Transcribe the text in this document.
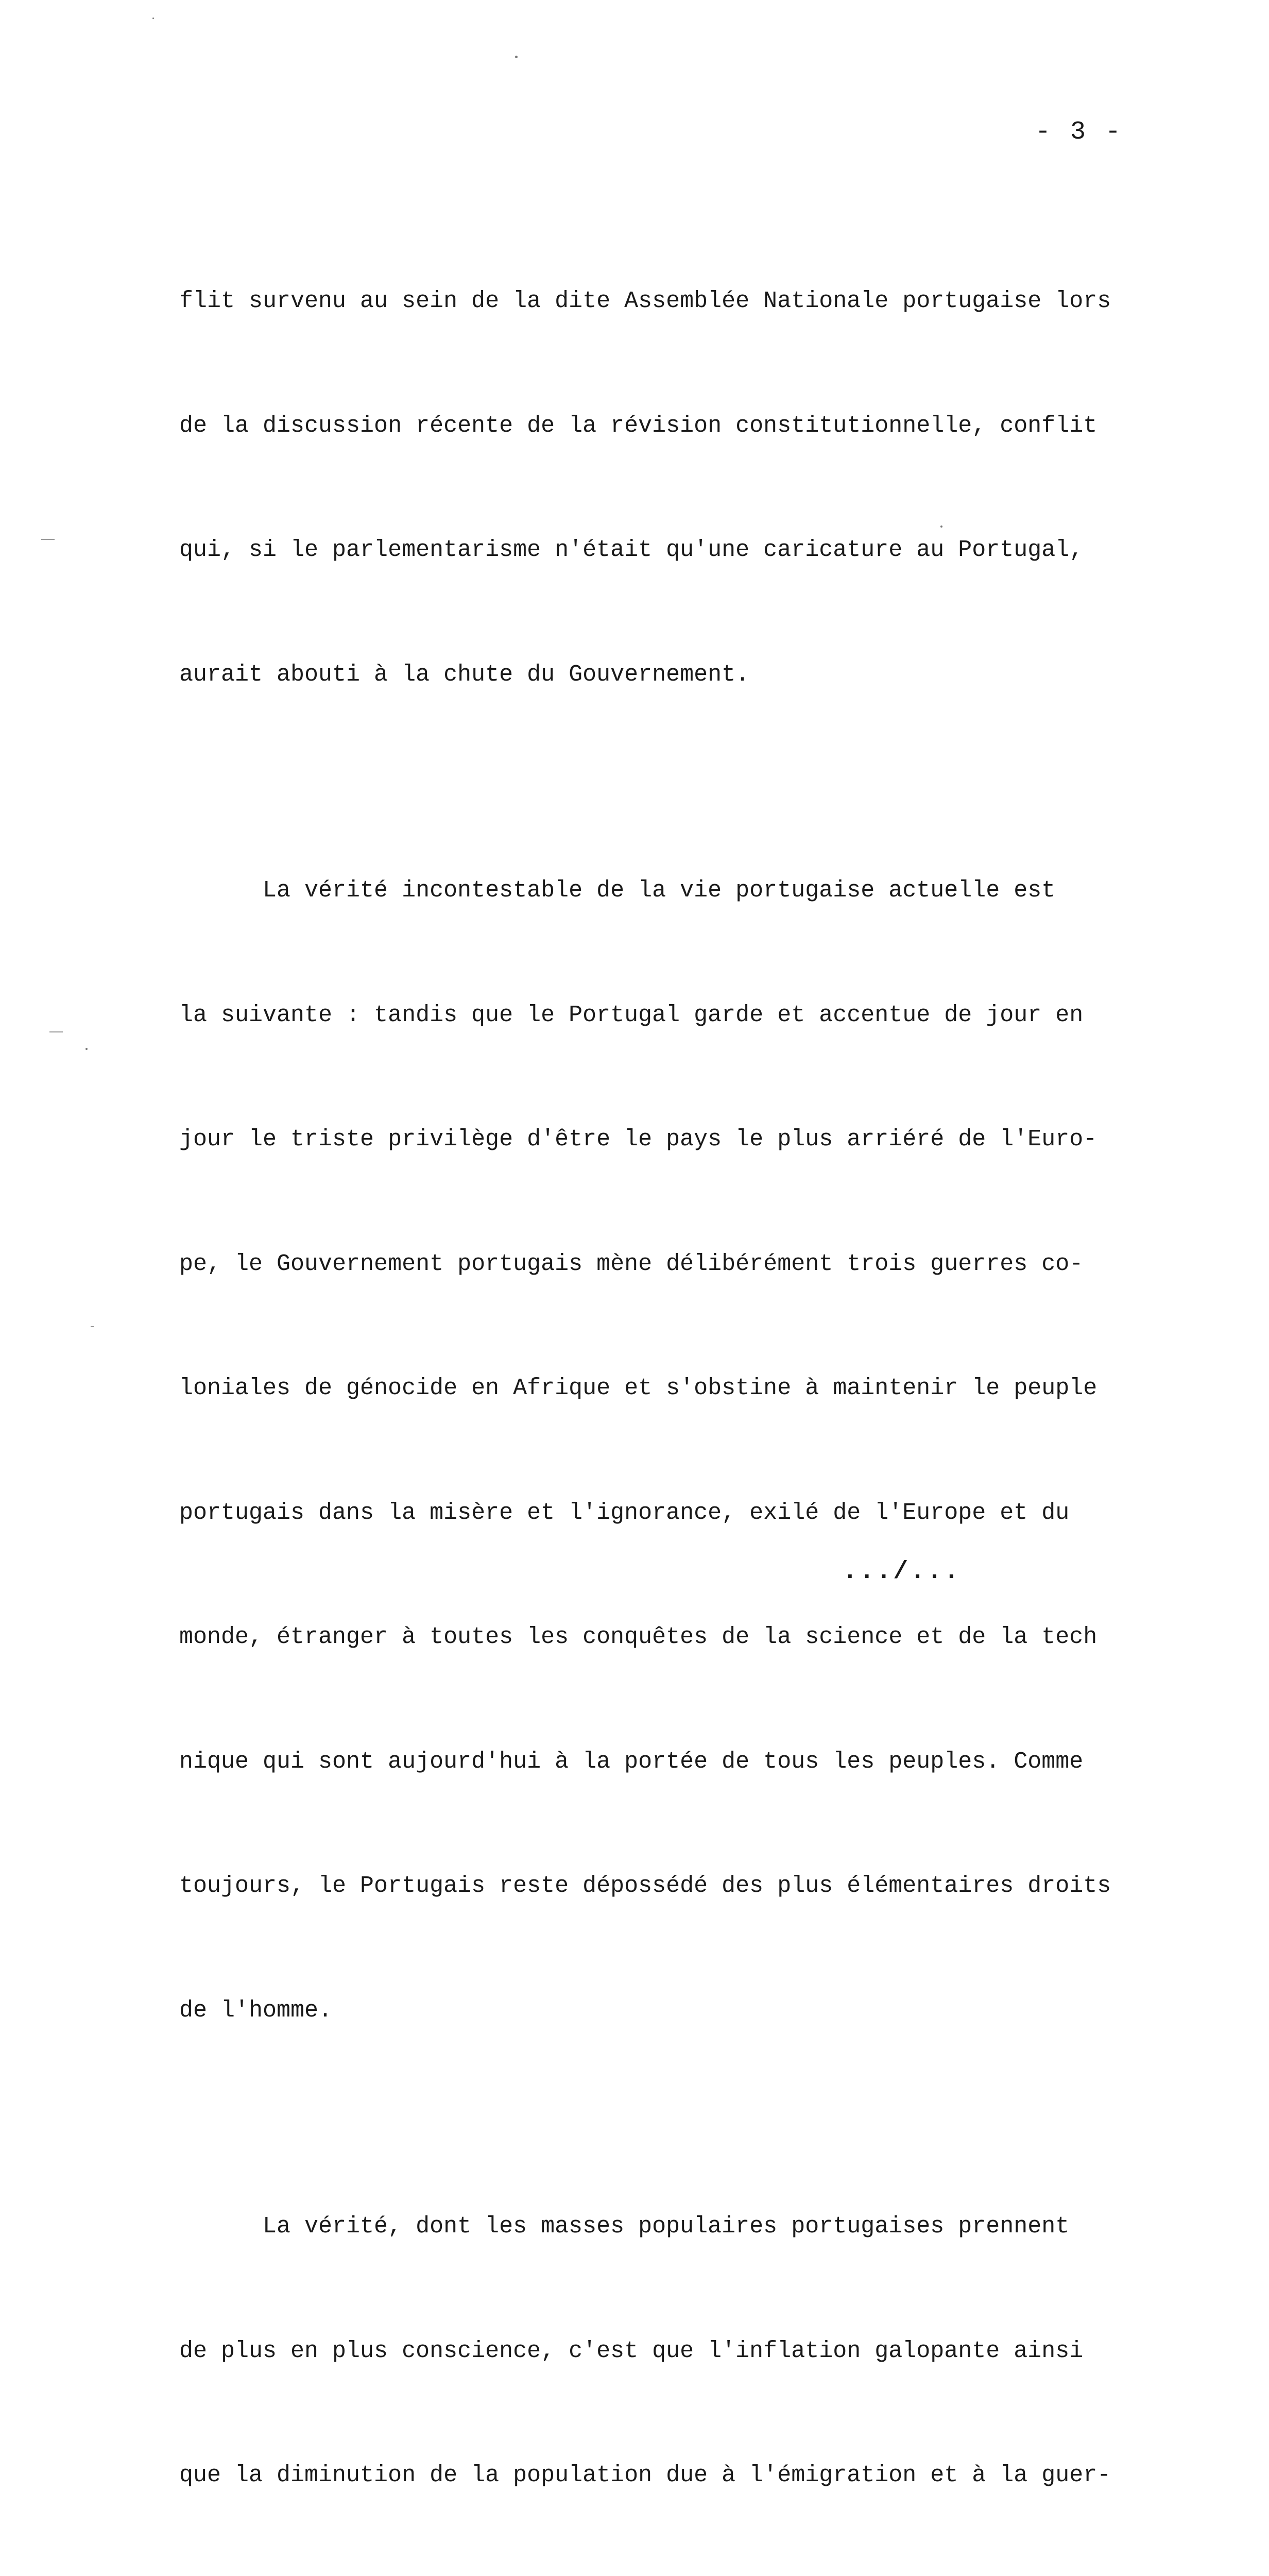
- 3 -

flit survenu au sein de la dite Assemblée Nationale portugaise lors

de la discussion récente de la révision constitutionnelle, conflit

qui, si le parlementarisme n'était qu'une caricature au Portugal,

aurait abouti à la chute du Gouvernement.

La vérité incontestable de la vie portugaise actuelle est

la suivante : tandis que le Portugal garde et accentue de jour en

jour le triste privilège d'être le pays le plus arriéré de l'Euro-

pe, le Gouvernement portugais mène délibérément trois guerres co-

loniales de génocide en Afrique et s'obstine à maintenir le peuple

portugais dans la misère et l'ignorance, exilé de l'Europe et du

monde, étranger à toutes les conquêtes de la science et de la tech

nique qui sont aujourd'hui à la portée de tous les peuples. Comme

toujours, le Portugais reste dépossédé des plus élémentaires droits

de l'homme.

La vérité, dont les masses populaires portugaises prennent

de plus en plus conscience, c'est que l'inflation galopante ainsi

que la diminution de la population due à l'émigration et à la guer-

.../...
